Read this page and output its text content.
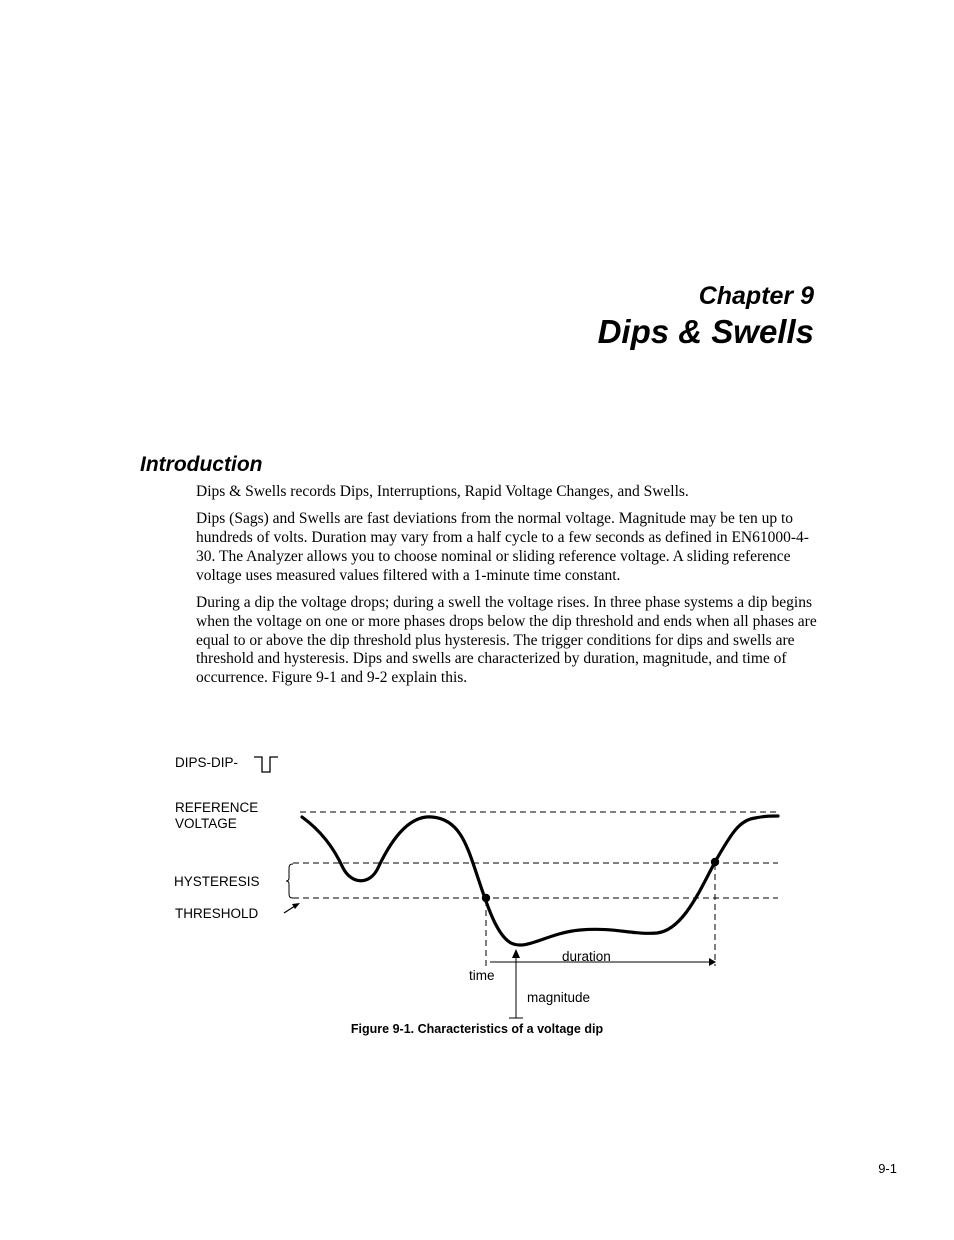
Chapter 9
Dips & Swells
Introduction

Dips & Swells records Dips, Interruptions, Rapid Voltage Changes, and Swells.

Dips (Sags) and Swells are fast deviations from the normal voltage. Magnitude may be ten up to hundreds of volts. Duration may vary from a half cycle to a few seconds as defined in EN61000-4-30. The Analyzer allows you to choose nominal or sliding reference voltage. A sliding reference voltage uses measured values filtered with a 1-minute time constant.

During a dip the voltage drops; during a swell the voltage rises. In three phase systems a dip begins when the voltage on one or more phases drops below the dip threshold and ends when all phases are equal to or above the dip threshold plus hysteresis. The trigger conditions for dips and swells are threshold and hysteresis. Dips and swells are characterized by duration, magnitude, and time of occurrence. Figure 9-1 and 9-2 explain this.

DIPS-DIP-
REFERENCE
VOLTAGE
HYSTERESIS
THRESHOLD
duration
time
magnitude
Figure 9-1. Characteristics of a voltage dip
9-1
